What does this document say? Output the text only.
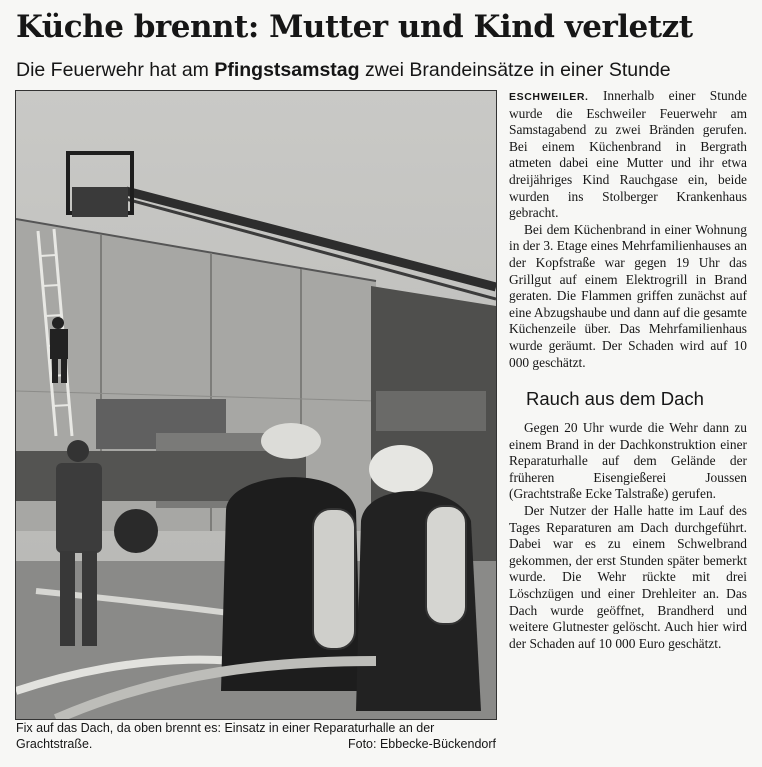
Küche brennt: Mutter und Kind verletzt
Die Feuerwehr hat am Pfingstsamstag zwei Brandeinsätze in einer Stunde
Fix auf das Dach, da oben brennt es: Einsatz in einer Reparaturhalle an der
Grachtstraße.	Foto: Ebbecke-Bückendorf

ESCHWEILER. Innerhalb einer Stunde wurde die Eschweiler Feuerwehr am Samstagabend zu zwei Bränden gerufen. Bei einem Küchenbrand in Bergrath atmeten dabei eine Mutter und ihr etwa dreijähriges Kind Rauchgase ein, beide wurden ins Stolberger Krankenhaus gebracht.

Bei dem Küchenbrand in einer Wohnung in der 3. Etage eines Mehrfamilienhauses an der Kopfstraße war gegen 19 Uhr das Grillgut auf einem Elektrogrill in Brand geraten. Die Flammen griffen zunächst auf eine Abzugshaube und dann auf die gesamte Küchenzeile über. Das Mehrfamilienhaus wurde geräumt. Der Schaden wird auf 10 000 geschätzt.

Rauch aus dem Dach

Gegen 20 Uhr wurde die Wehr dann zu einem Brand in der Dachkonstruktion einer Reparaturhalle auf dem Gelände der früheren Eisengießerei Joussen (Grachtstraße Ecke Talstraße) gerufen.

Der Nutzer der Halle hatte im Lauf des Tages Reparaturen am Dach durchgeführt. Dabei war es zu einem Schwelbrand gekommen, der erst Stunden später bemerkt wurde. Die Wehr rückte mit drei Löschzügen und einer Drehleiter an. Das Dach wurde geöffnet, Brandherd und weitere Glutnester gelöscht. Auch hier wird der Schaden auf 10 000 Euro geschätzt.
